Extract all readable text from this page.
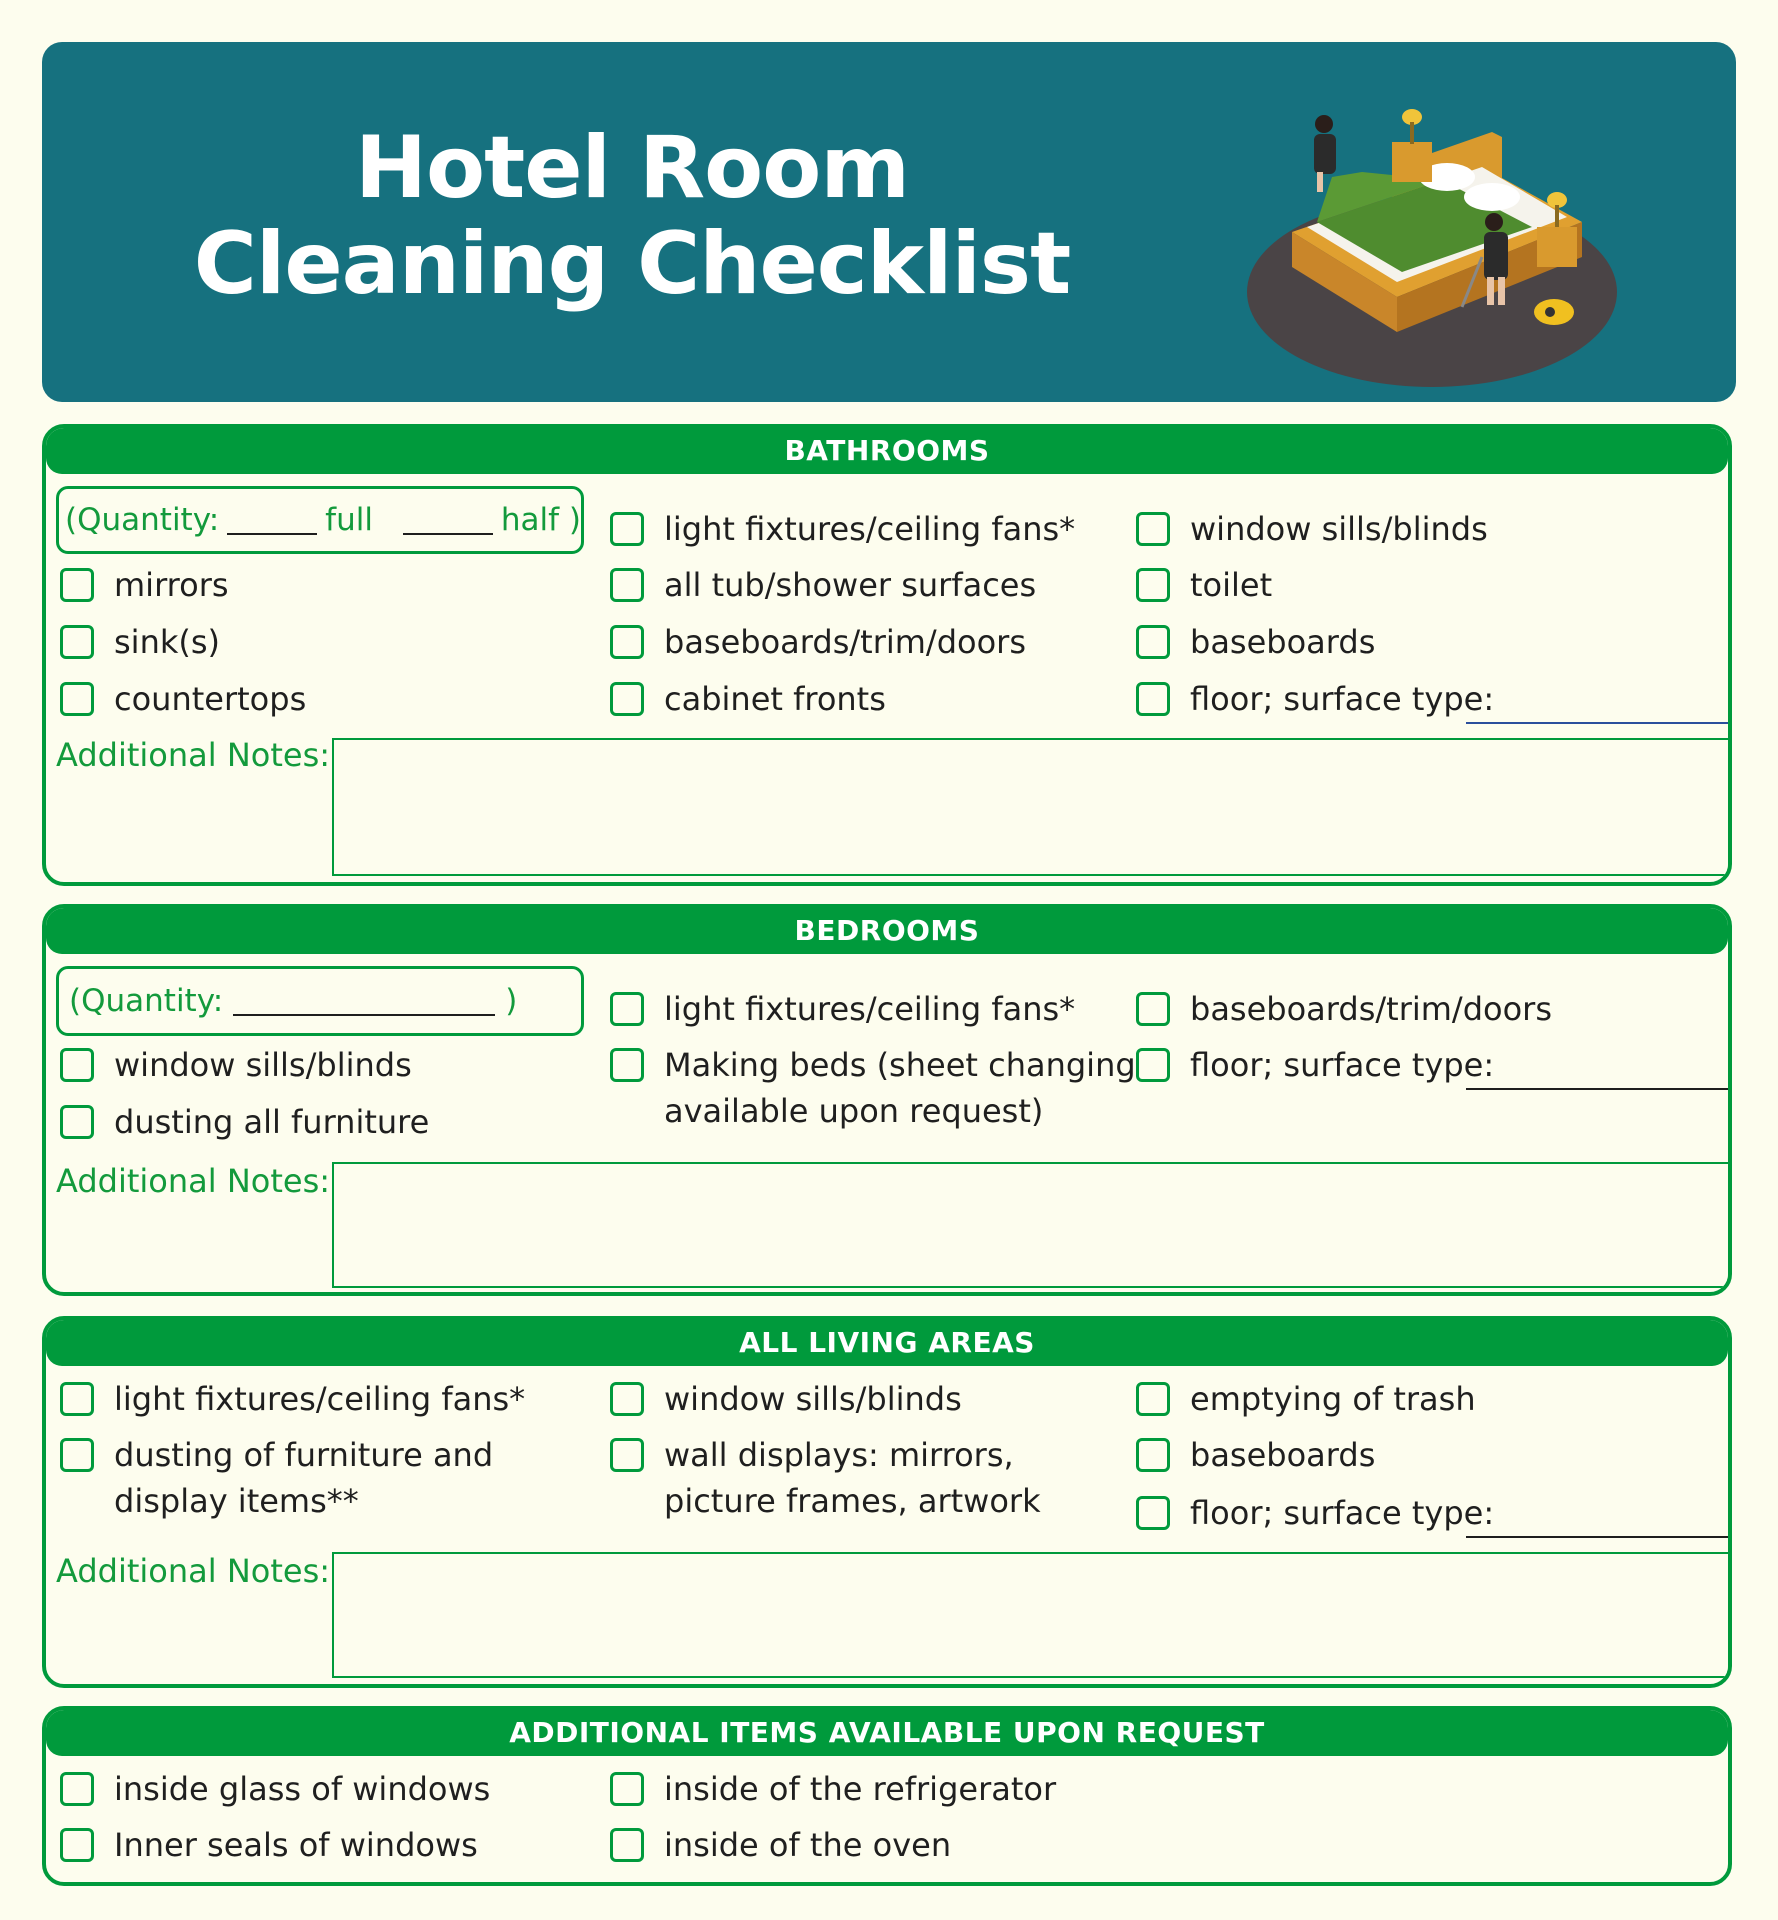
Hotel Room
Cleaning Checklist
BATHROOMS
(Quantity:	full	half )
mirrors
sink(s)
countertops
light fixtures/ceiling fans*
all tub/shower surfaces
baseboards/trim/doors
cabinet fronts
window sills/blinds
toilet
baseboards
floor; surface type:
Additional Notes:
BEDROOMS
(Quantity:	)
window sills/blinds
dusting all furniture
light fixtures/ceiling fans*
Making beds (sheet changing
available upon request)
baseboards/trim/doors
floor; surface type:
Additional Notes:
ALL LIVING AREAS
light fixtures/ceiling fans*
dusting of furniture and
display items**
window sills/blinds
wall displays: mirrors,
picture frames, artwork
emptying of trash
baseboards
floor; surface type:
Additional Notes:
ADDITIONAL ITEMS AVAILABLE UPON REQUEST
inside glass of windows
Inner seals of windows
inside of the refrigerator
inside of the oven
